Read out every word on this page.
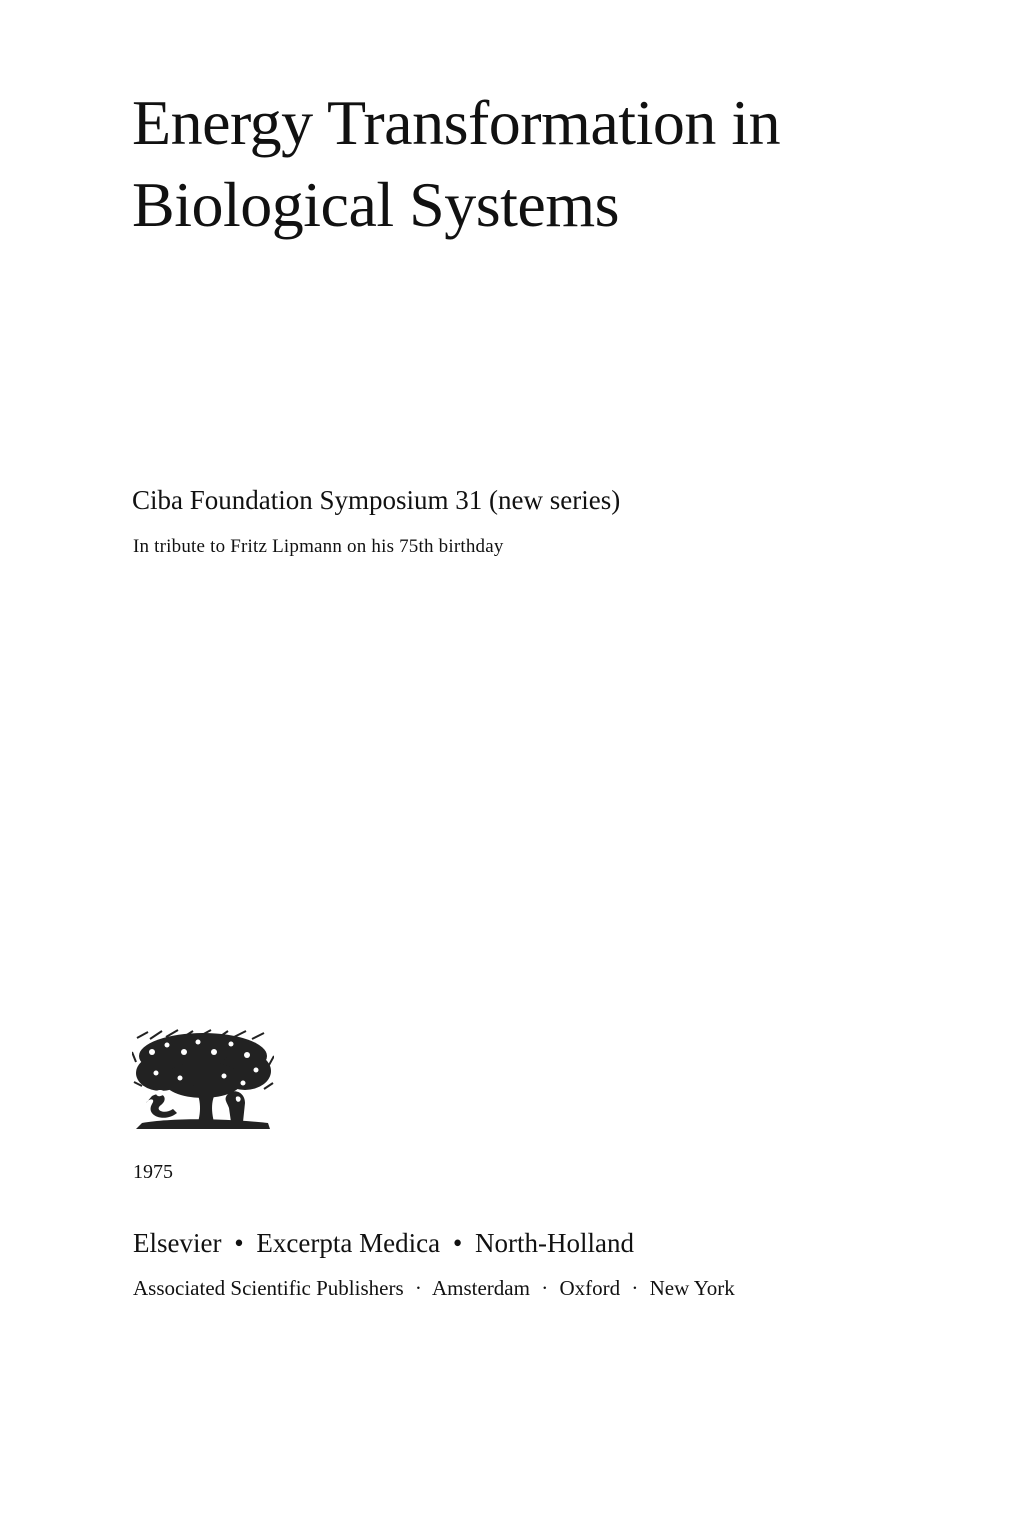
Energy Transformation in
Biological Systems
Ciba Foundation Symposium 31 (new series)
In tribute to Fritz Lipmann on his 75th birthday
1975
Elsevier • Excerpta Medica • North-Holland
Associated Scientific Publishers · Amsterdam · Oxford · New York
